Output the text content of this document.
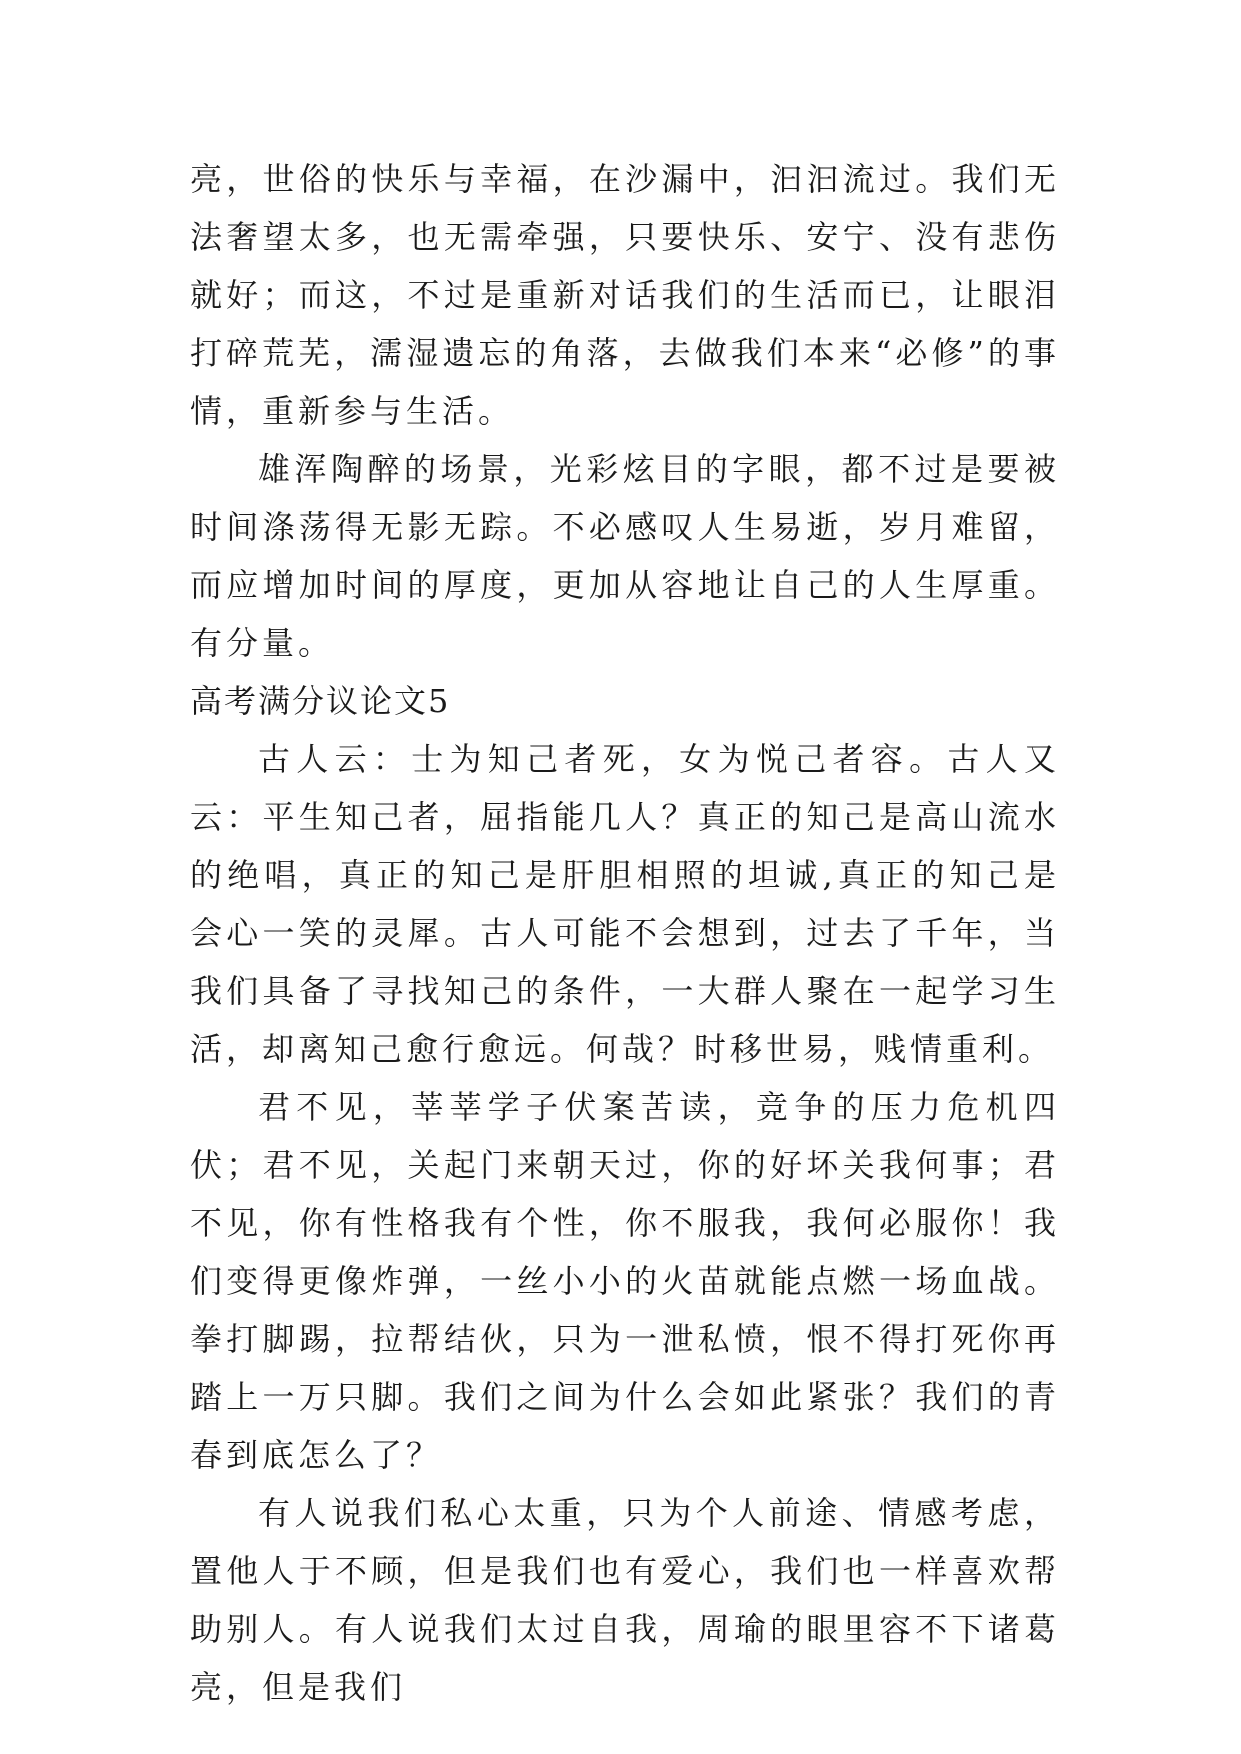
亮，世俗的快乐与幸福，在沙漏中，汩汩流过。我们无法奢望太多，也无需牵强，只要快乐、安宁、没有悲伤就好；而这，不过是重新对话我们的生活而已，让眼泪打碎荒芜，濡湿遗忘的角落，去做我们本来“必修”的事情，重新参与生活。

雄浑陶醉的场景，光彩炫目的字眼，都不过是要被时间涤荡得无影无踪。不必感叹人生易逝，岁月难留，而应增加时间的厚度，更加从容地让自己的人生厚重。有分量。

高考满分议论文5

古人云：士为知己者死，女为悦己者容。古人又云：平生知己者，屈指能几人？真正的知己是高山流水的绝唱，真正的知己是肝胆相照的坦诚,真正的知己是会心一笑的灵犀。古人可能不会想到，过去了千年，当我们具备了寻找知己的条件，一大群人聚在一起学习生活，却离知己愈行愈远。何哉？时移世易，贱情重利。

君不见，莘莘学子伏案苦读，竞争的压力危机四伏；君不见，关起门来朝天过，你的好坏关我何事；君不见，你有性格我有个性，你不服我，我何必服你！我们变得更像炸弹，一丝小小的火苗就能点燃一场血战。拳打脚踢，拉帮结伙，只为一泄私愤，恨不得打死你再踏上一万只脚。我们之间为什么会如此紧张？我们的青春到底怎么了？

有人说我们私心太重，只为个人前途、情感考虑，置他人于不顾，但是我们也有爱心，我们也一样喜欢帮助别人。有人说我们太过自我，周瑜的眼里容不下诸葛亮，但是我们
